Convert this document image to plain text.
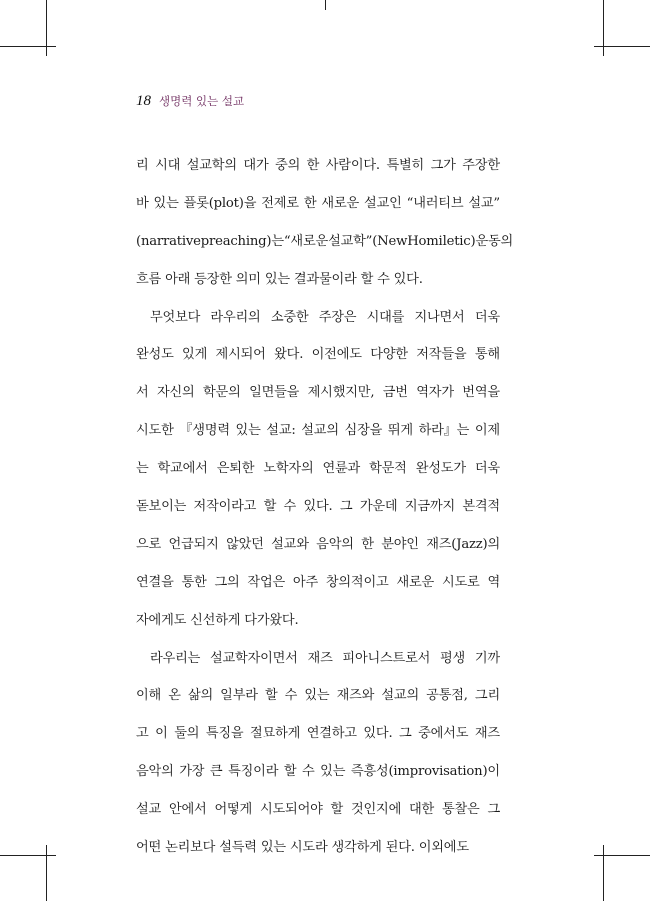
18 생명력 있는 설교
리 시대 설교학의 대가 중의 한 사람이다. 특별히 그가 주장한
바 있는 플롯(plot)을 전제로 한 새로운 설교인 “내러티브 설교”
(narrative preaching)는 “새로운 설교학”(New Homiletic) 운동의
흐름 아래 등장한 의미 있는 결과물이라 할 수 있다.
무엇보다 라우리의 소중한 주장은 시대를 지나면서 더욱
완성도 있게 제시되어 왔다. 이전에도 다양한 저작들을 통해
서 자신의 학문의 일면들을 제시했지만, 금번 역자가 번역을
시도한 『생명력 있는 설교: 설교의 심장을 뛰게 하라』는 이제
는 학교에서 은퇴한 노학자의 연륜과 학문적 완성도가 더욱
돋보이는 저작이라고 할 수 있다. 그 가운데 지금까지 본격적
으로 언급되지 않았던 설교와 음악의 한 분야인 재즈(Jazz)의
연결을 통한 그의 작업은 아주 창의적이고 새로운 시도로 역
자에게도 신선하게 다가왔다.
라우리는 설교학자이면서 재즈 피아니스트로서 평생 기까
이해 온 삶의 일부라 할 수 있는 재즈와 설교의 공통점, 그리
고 이 둘의 특징을 절묘하게 연결하고 있다. 그 중에서도 재즈
음악의 가장 큰 특징이라 할 수 있는 즉흥성(improvisation)이
설교 안에서 어떻게 시도되어야 할 것인지에 대한 통찰은 그
어떤 논리보다 설득력 있는 시도라 생각하게 된다. 이외에도
